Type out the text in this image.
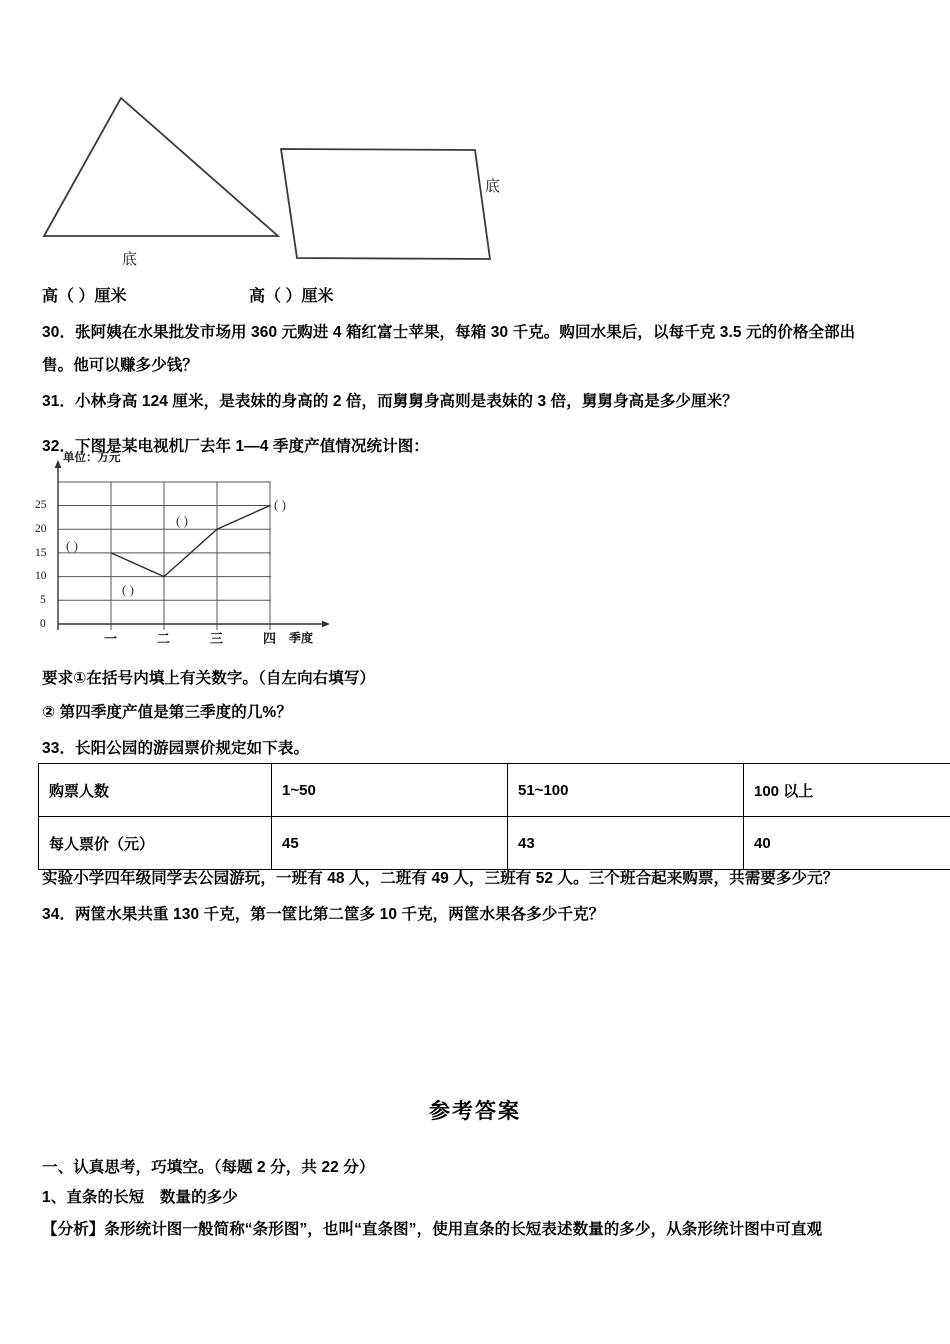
底
底
高（ ）厘米	高（ ）厘米
30．张阿姨在水果批发市场用 360 元购进 4 箱红富士苹果，每箱 30 千克。购回水果后，以每千克 3.5 元的价格全部出
售。他可以赚多少钱？
31．小林身高 124 厘米，是表妹的身高的 2 倍，而舅舅身高则是表妹的 3 倍，舅舅身高是多少厘米？
32．下图是某电视机厂去年 1—4 季度产值情况统计图：
单位：万元
0
5
10
15
20
25
一	二	三	四 季度
( )
( )
( )
( )
要求①在括号内填上有关数字。（自左向右填写）
② 第四季度产值是第三季度的几%？
33．长阳公园的游园票价规定如下表。
购票人数	1~50	51~100	100 以上
每人票价（元）	45	43	40
实验小学四年级同学去公园游玩，一班有 48 人，二班有 49 人，三班有 52 人。三个班合起来购票，共需要多少元？
34．两筐水果共重 130 千克，第一筐比第二筐多 10 千克，两筐水果各多少千克？
参考答案
一、认真思考，巧填空。（每题 2 分，共 22 分）
1、直条的长短　数量的多少
【分析】条形统计图一般简称“条形图”，也叫“直条图”，使用直条的长短表述数量的多少，从条形统计图中可直观
